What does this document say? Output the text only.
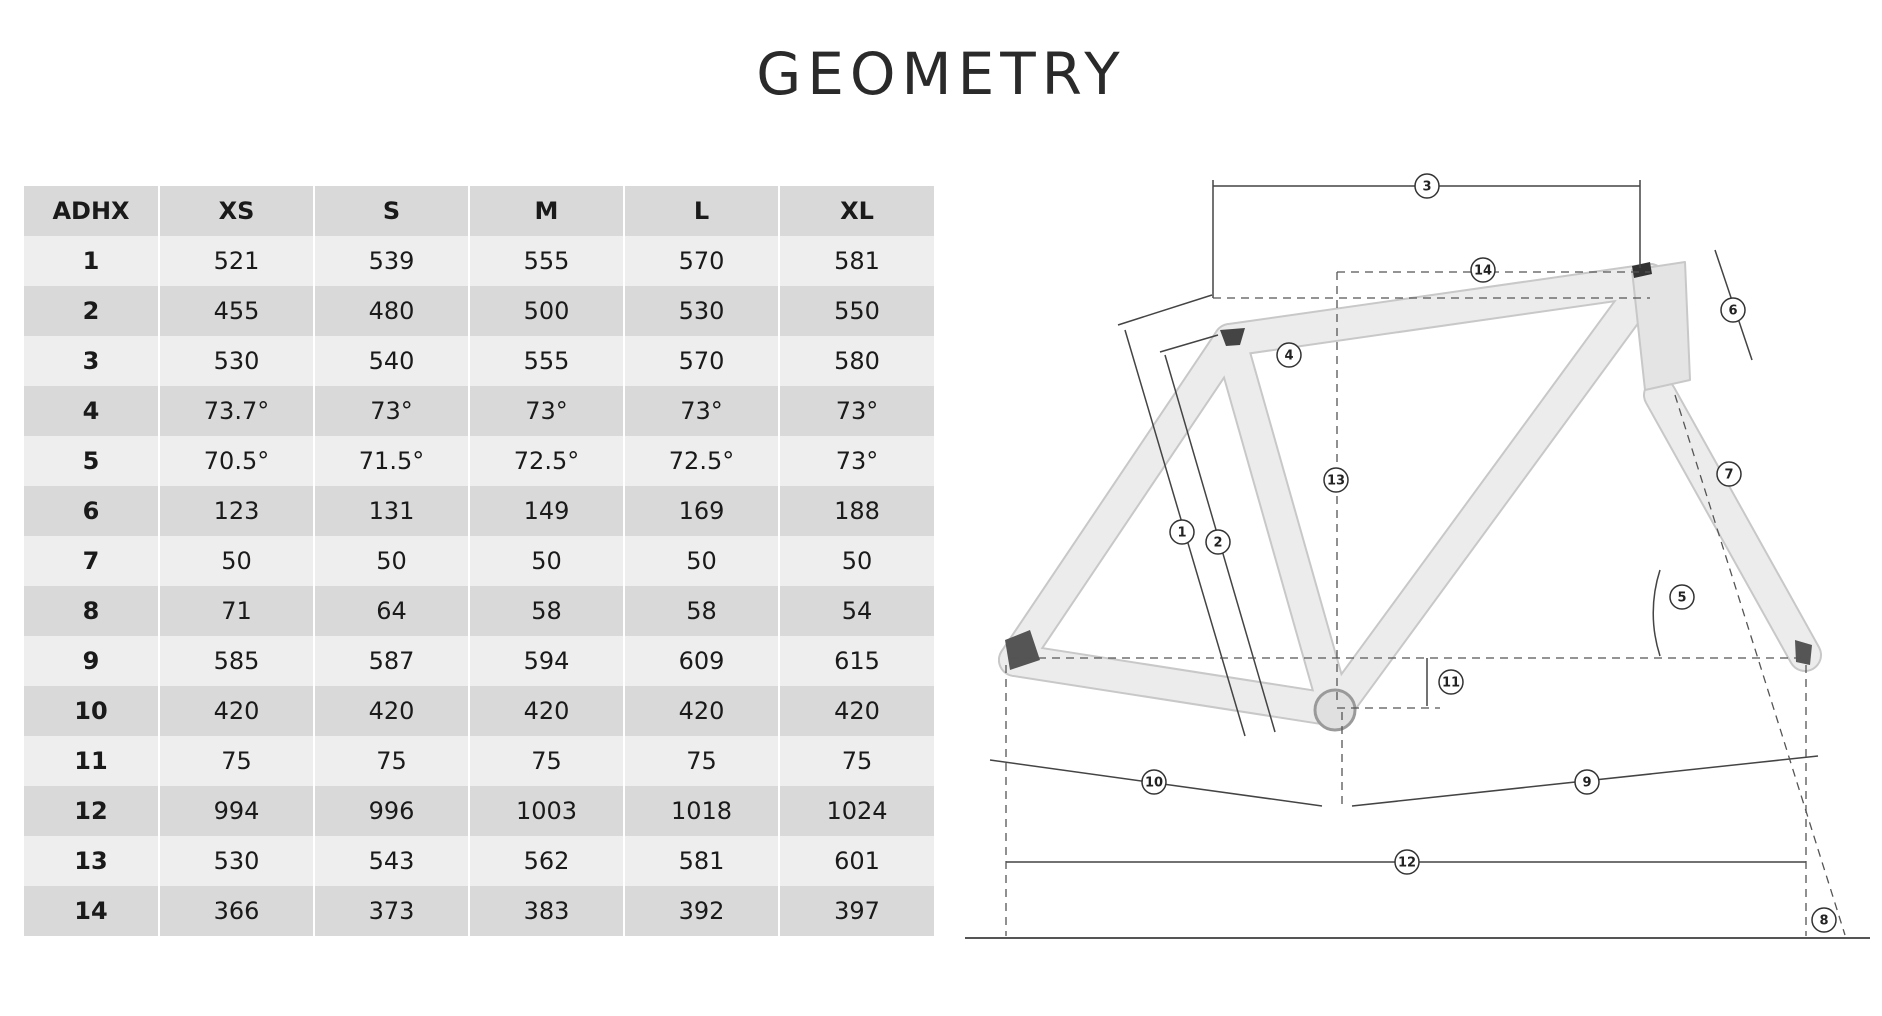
GEOMETRY
ADHX	XS	S	M	L	XL
1	521	539	555	570	581
2	455	480	500	530	550
3	530	540	555	570	580
4	73.7°	73°	73°	73°	73°
5	70.5°	71.5°	72.5°	72.5°	73°
6	123	131	149	169	188
7	50	50	50	50	50
8	71	64	58	58	54
9	585	587	594	609	615
10	420	420	420	420	420
11	75	75	75	75	75
12	994	996	1003	1018	1024
13	530	543	562	581	601
14	366	373	383	392	397
1
2
3
4
5
6
7
8
9
10
11
12
13
14
